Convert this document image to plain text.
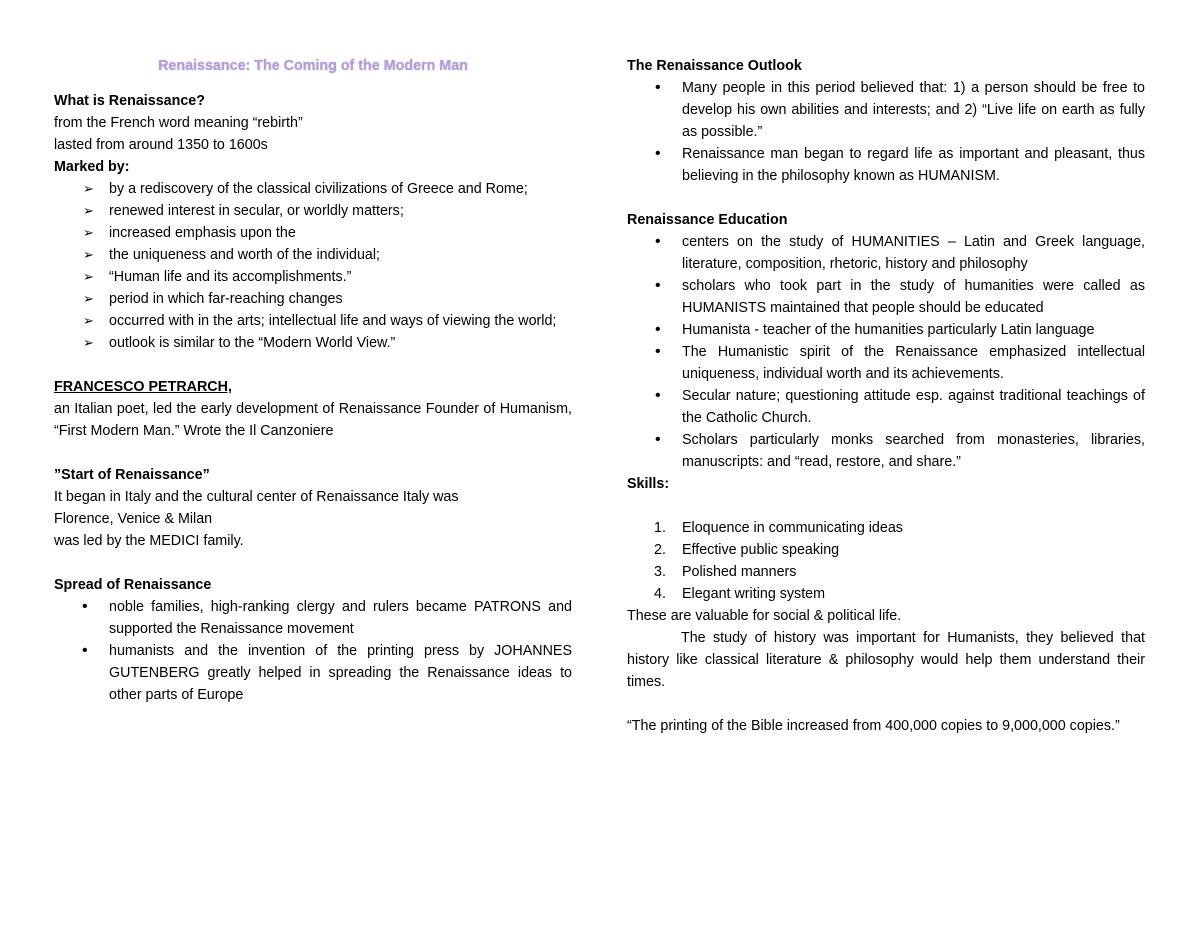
Renaissance: The Coming of the Modern Man

What is Renaissance?

from the French word meaning “rebirth”

lasted from around 1350 to 1600s

Marked by:

➢ by a rediscovery of the classical civilizations of Greece and Rome;
➢ renewed interest in secular, or worldly matters;
➢ increased emphasis upon the
➢ the uniqueness and worth of the individual;
➢ “Human life and its accomplishments.”
➢ period in which far-reaching changes
➢ occurred with in the arts; intellectual life and ways of viewing the world;
➢ outlook is similar to the “Modern World View.”

FRANCESCO PETRARCH,

an Italian poet, led the early development of Renaissance Founder of Humanism, “First Modern Man.” Wrote the Il Canzoniere

”Start of Renaissance”

It began in Italy and the cultural center of Renaissance Italy was

Florence, Venice & Milan

was led by the MEDICI family.

Spread of Renaissance

• noble families, high-ranking clergy and rulers became PATRONS and supported the Renaissance movement
• humanists and the invention of the printing press by JOHANNES GUTENBERG greatly helped in spreading the Renaissance ideas to other parts of Europe

The Renaissance Outlook

• Many people in this period believed that: 1) a person should be free to develop his own abilities and interests; and 2) “Live life on earth as fully as possible.”
• Renaissance man began to regard life as important and pleasant, thus believing in the philosophy known as HUMANISM.

Renaissance Education

• centers on the study of HUMANITIES – Latin and Greek language, literature, composition, rhetoric, history and philosophy
• scholars who took part in the study of humanities were called as HUMANISTS maintained that people should be educated
• Humanista - teacher of the humanities particularly Latin language
• The Humanistic spirit of the Renaissance emphasized intellectual uniqueness, individual worth and its achievements.
• Secular nature; questioning attitude esp. against traditional teachings of the Catholic Church.
• Scholars particularly monks searched from monasteries, libraries, manuscripts: and “read, restore, and share.”

Skills:

1. Eloquence in communicating ideas
2. Effective public speaking
3. Polished manners
4. Elegant writing system

These are valuable for social & political life.

The study of history was important for Humanists, they believed that history like classical literature & philosophy would help them understand their times.

“The printing of the Bible increased from 400,000 copies to 9,000,000 copies.”
